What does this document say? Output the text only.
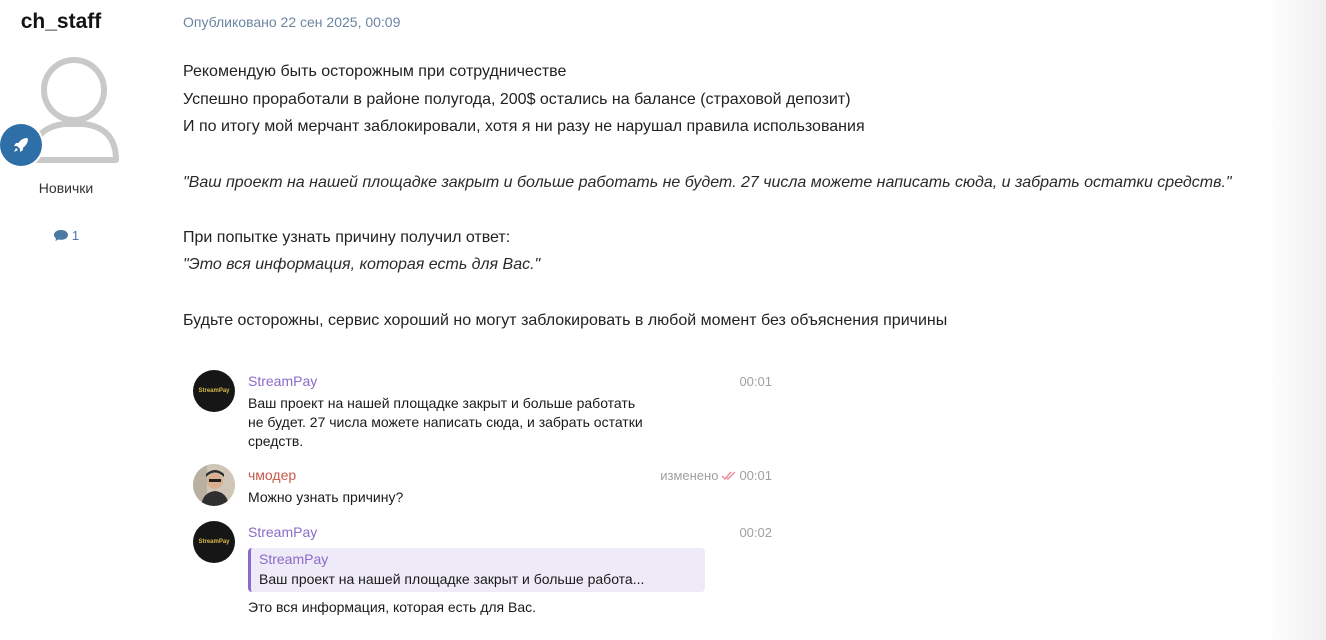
ch_staff
Новички
1
Опубликовано 22 сен 2025, 00:09
Рекомендую быть осторожным при сотрудничестве
Успешно проработали в районе полугода, 200$ остались на балансе (страховой депозит)
И по итогу мой мерчант заблокировали, хотя я ни разу не нарушал правила использования
"Ваш проект на нашей площадке закрыт и больше работать не будет. 27 числа можете написать сюда, и забрать остатки средств."
При попытке узнать причину получил ответ:
"Это вся информация, которая есть для Вас."
Будьте осторожны, сервис хороший но могут заблокировать в любой момент без объяснения причины
StreamPay
StreamPay	00:01
Ваш проект на нашей площадке закрыт и больше работать
не будет. 27 числа можете написать сюда, и забрать остатки
средств.
чмодер	изменено 00:01
Можно узнать причину?
StreamPay
StreamPay	00:02
StreamPay
Ваш проект на нашей площадке закрыт и больше работа...
Это вся информация, которая есть для Вас.
